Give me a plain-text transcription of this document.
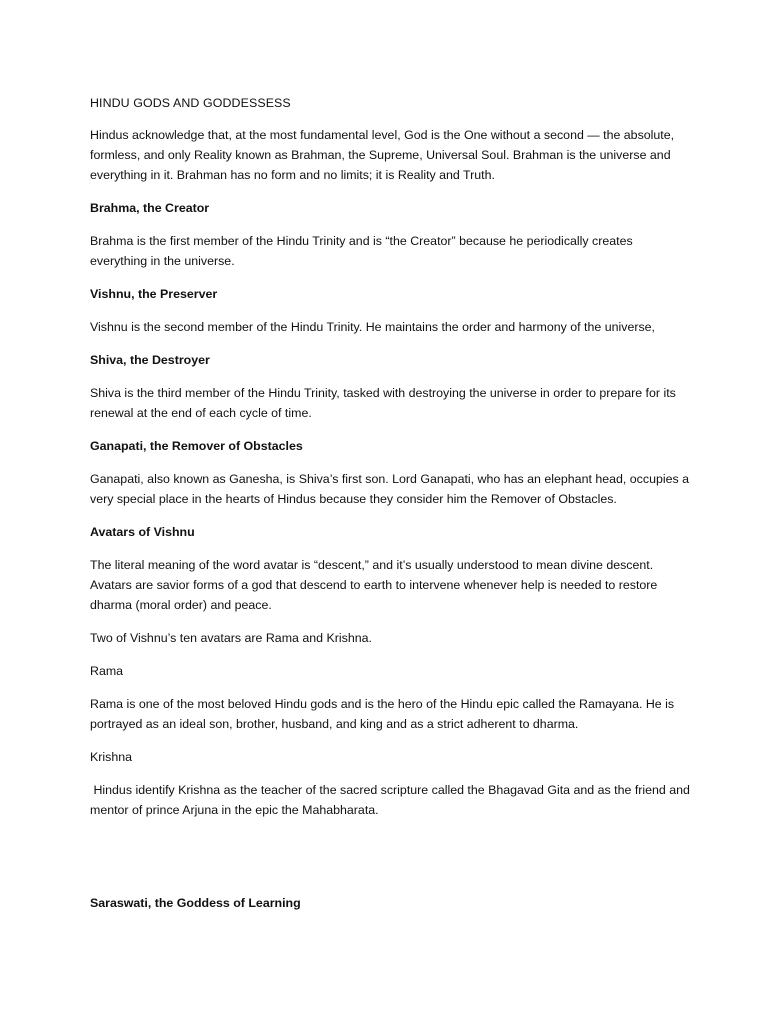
HINDU GODS AND GODDESSESS

Hindus acknowledge that, at the most fundamental level, God is the One without a second — the absolute, formless, and only Reality known as Brahman, the Supreme, Universal Soul. Brahman is the universe and everything in it. Brahman has no form and no limits; it is Reality and Truth.

Brahma, the Creator

Brahma is the first member of the Hindu Trinity and is “the Creator” because he periodically creates everything in the universe.

Vishnu, the Preserver

Vishnu is the second member of the Hindu Trinity. He maintains the order and harmony of the universe,

Shiva, the Destroyer

Shiva is the third member of the Hindu Trinity, tasked with destroying the universe in order to prepare for its renewal at the end of each cycle of time.

Ganapati, the Remover of Obstacles

Ganapati, also known as Ganesha, is Shiva’s first son. Lord Ganapati, who has an elephant head, occupies a very special place in the hearts of Hindus because they consider him the Remover of Obstacles.

Avatars of Vishnu

The literal meaning of the word avatar is “descent,” and it’s usually understood to mean divine descent. Avatars are savior forms of a god that descend to earth to intervene whenever help is needed to restore dharma (moral order) and peace.

Two of Vishnu’s ten avatars are Rama and Krishna.

Rama

Rama is one of the most beloved Hindu gods and is the hero of the Hindu epic called the Ramayana. He is portrayed as an ideal son, brother, husband, and king and as a strict adherent to dharma.

Krishna

Hindus identify Krishna as the teacher of the sacred scripture called the Bhagavad Gita and as the friend and mentor of prince Arjuna in the epic the Mahabharata.

Saraswati, the Goddess of Learning
